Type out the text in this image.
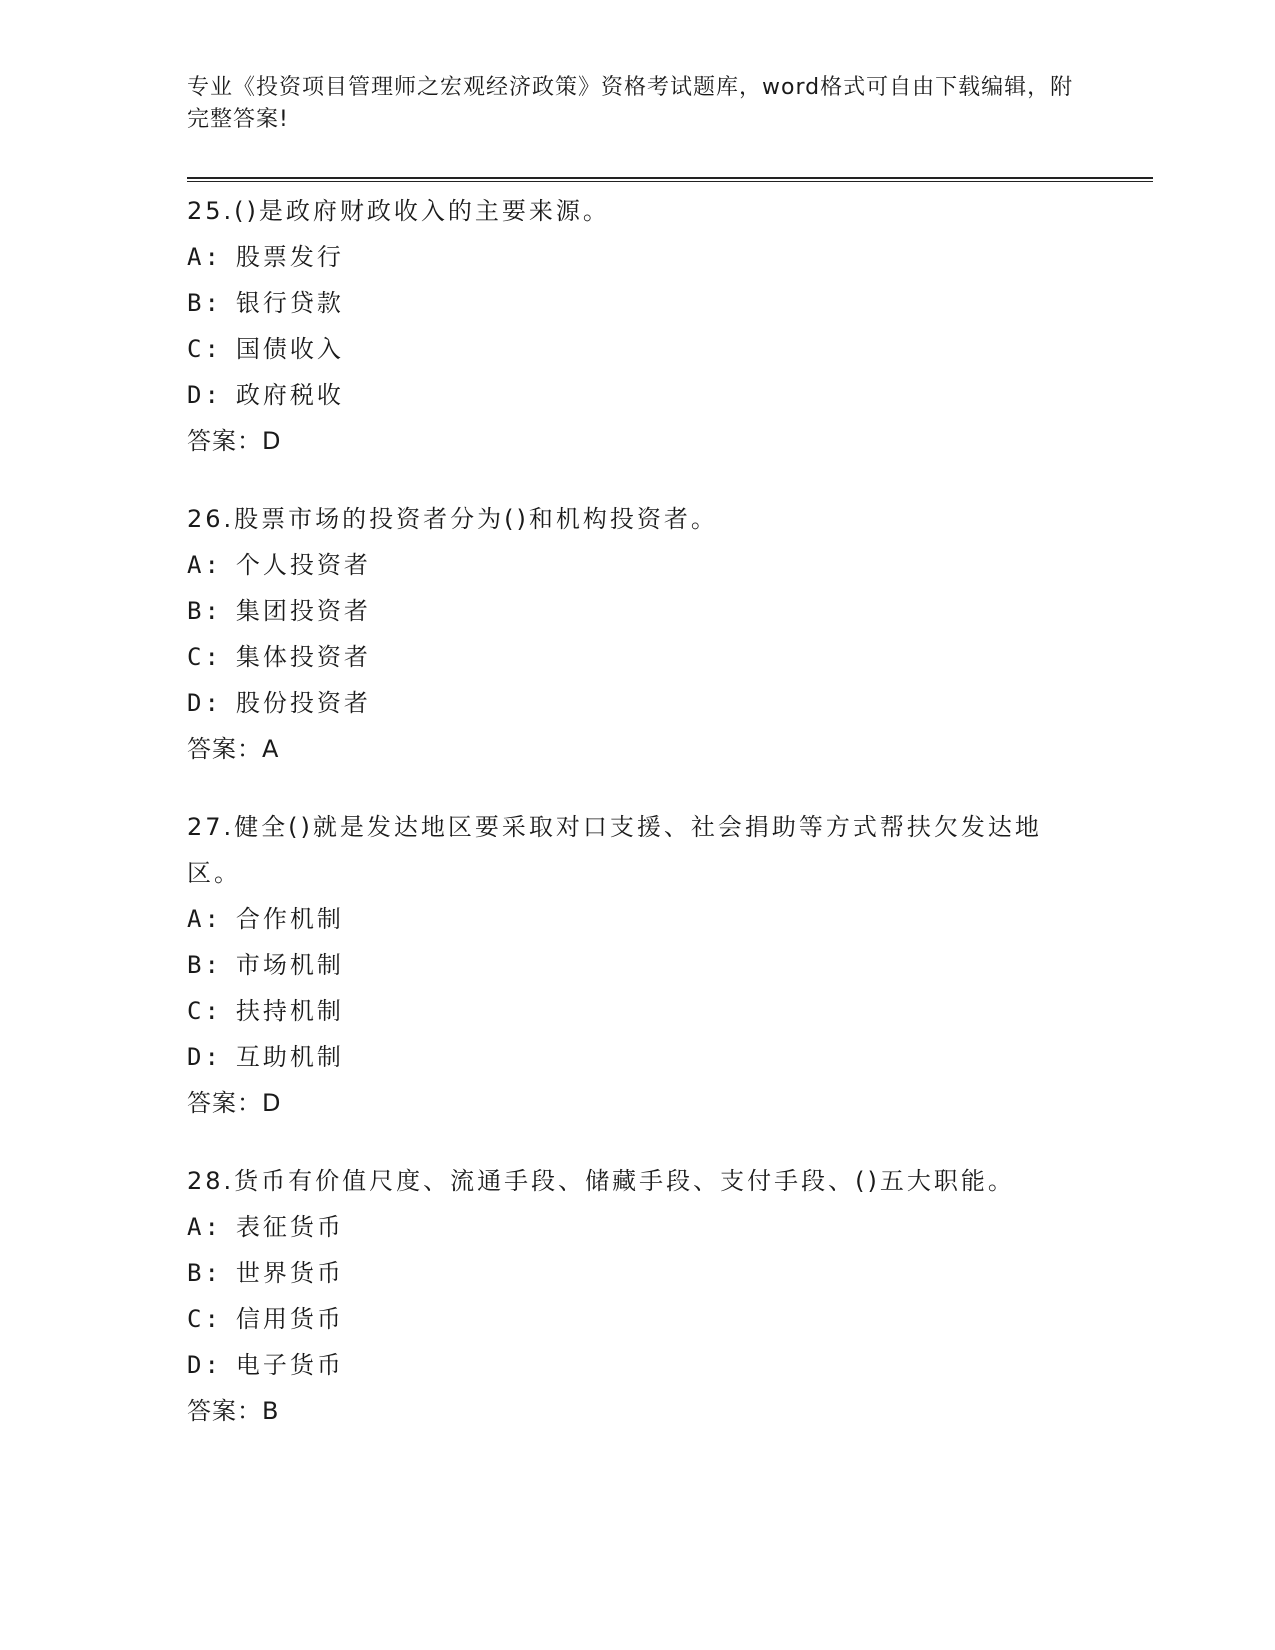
专业《投资项目管理师之宏观经济政策》资格考试题库，word格式可自由下载编辑，附完整答案!

25.()是政府财政收入的主要来源。

A: 股票发行
B: 银行贷款
C: 国债收入
D: 政府税收

答案：D

26.股票市场的投资者分为()和机构投资者。

A: 个人投资者
B: 集团投资者
C: 集体投资者
D: 股份投资者

答案：A

27.健全()就是发达地区要采取对口支援、社会捐助等方式帮扶欠发达地区。

A: 合作机制
B: 市场机制
C: 扶持机制
D: 互助机制

答案：D

28.货币有价值尺度、流通手段、储藏手段、支付手段、()五大职能。

A: 表征货币
B: 世界货币
C: 信用货币
D: 电子货币

答案：B
